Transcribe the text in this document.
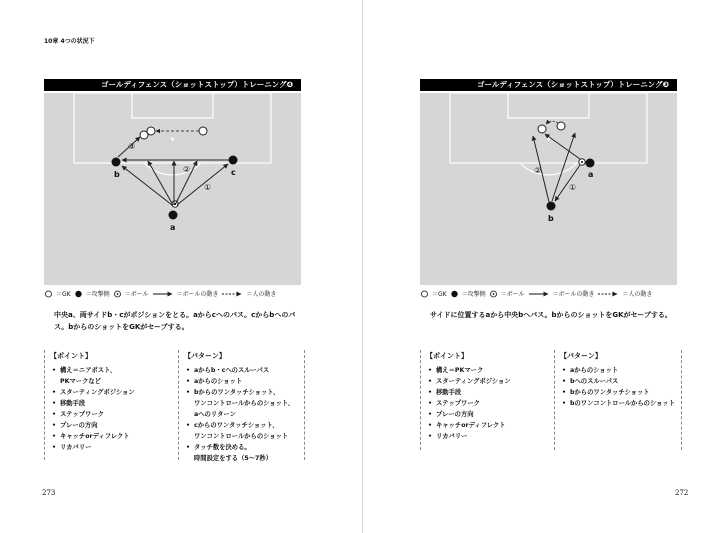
10章 4つの状況下
ゴールディフェンス（ショットストップ）トレーニング❹
③
②
①
b	c
a
＝GK	＝攻撃側	＝ボール	＝ボールの動き	＝人の動き
中央a、両サイドb・cがポジションをとる。aからcへのパス。cからbへのパス。bからのショットをGKがセーブする。
【ポイント】
• 構え＝ニアポスト、
PKマークなど
• スターティングポジション
• 移動手段
• ステップワーク
• プレーの方向
• キャッチorディフレクト
• リカバリー
【パターン】
• aからb・cへのスルーパス
• aからのショット
• bからのワンタッチショット、
ワンコントロールからのショット、
aへのリターン
• cからのワンタッチショット、
ワンコントロールからのショット
• タッチ数を決める。
時間設定をする（5〜7秒）
273
ゴールディフェンス（ショットストップ）トレーニング❸
②
①
a
b
＝GK	＝攻撃側	＝ボール	＝ボールの動き	＝人の動き
サイドに位置するaから中央bへパス。bからのショットをGKがセーブする。
【ポイント】
• 構え＝PKマーク
• スターティングポジション
• 移動手段
• ステップワーク
• プレーの方向
• キャッチorディフレクト
• リカバリー
【パターン】
• aからのショット
• bへのスルーパス
• bからのワンタッチショット
• bのワンコントロールからのショット
272
